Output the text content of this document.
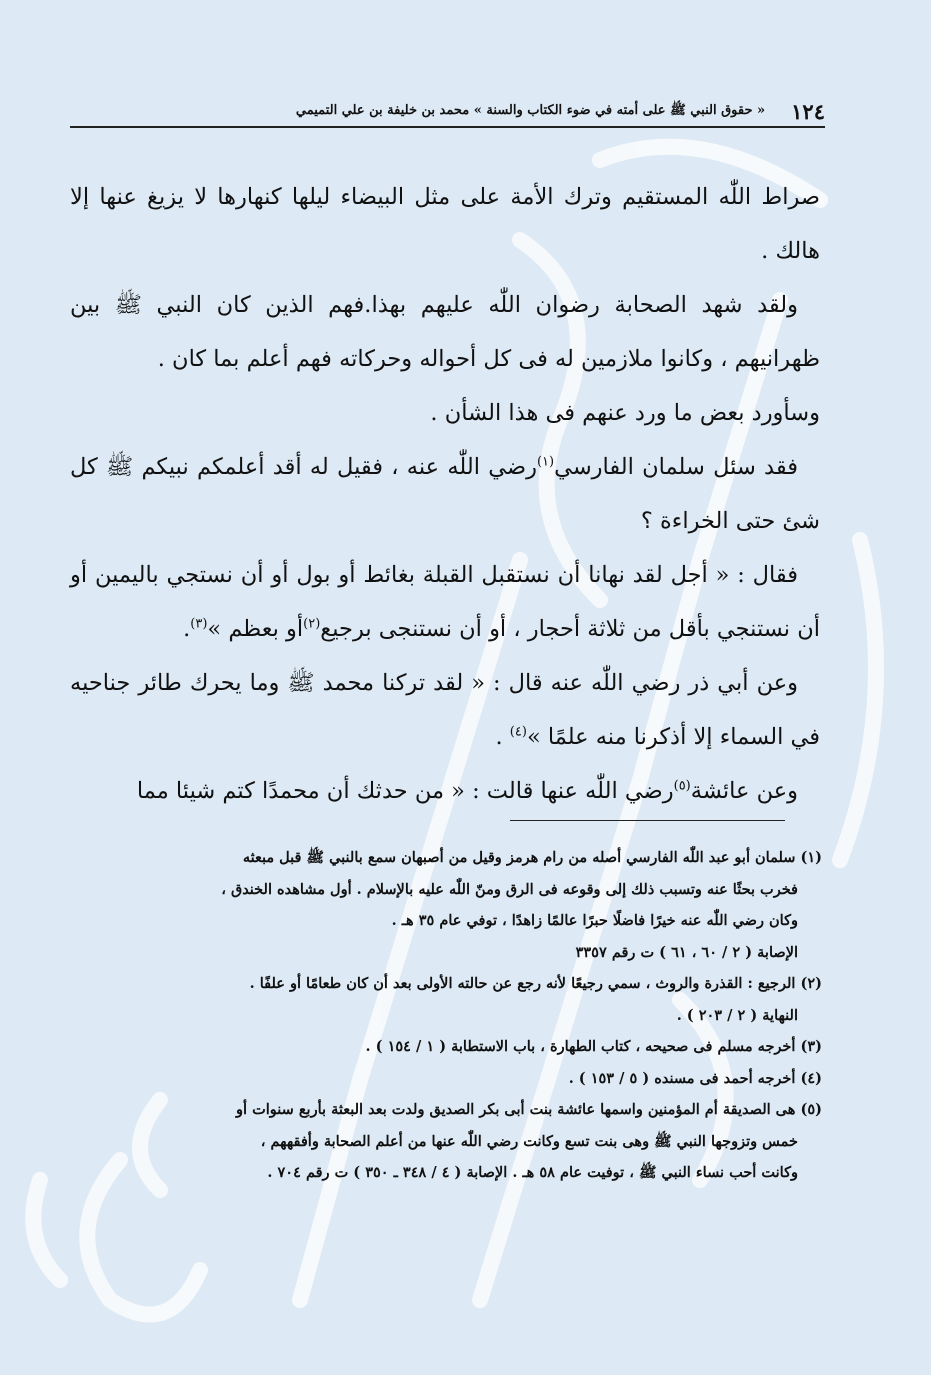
١٢٤
« حقوق النبي ﷺ على أمته في ضوء الكتاب والسنة » محمد بن خليفة بن علي التميمي

صراط اللّٰه المستقيم وترك الأمة على مثل البيضاء ليلها كنهارها لا يزيغ عنها إلا هالك .

ولقد شهد الصحابة رضوان اللّٰه عليهم بهذا.فهم الذين كان النبي ﷺ بين ظهرانيهم ، وكانوا ملازمين له فى كل أحواله وحركاته فهم أعلم بما كان .

وسأورد بعض ما ورد عنهم فى هذا الشأن .

فقد سئل سلمان الفارسي$^{(١)}$رضي اللّٰه عنه ، فقيل له أقد أعلمكم نبيكم ﷺ كل شئ حتى الخراءة ؟

فقال : « أجل لقد نهانا أن نستقبل القبلة بغائط أو بول أو أن نستجي باليمين أو أن نستنجي بأقل من ثلاثة أحجار ، أو أن نستنجى برجيع$^{(٢)}$أو بعظم »$^{(٣)}$.

وعن أبي ذر رضي اللّٰه عنه قال : « لقد تركنا محمد ﷺ وما يحرك طائر جناحيه في السماء إلا أذكرنا منه علمًا »$^{(٤)}$ .

وعن عائشة$^{(٥)}$رضي اللّٰه عنها قالت : « من حدثك أن محمدًا كتم شيئا مما

(١) سلمان أبو عبد اللّٰه الفارسي أصله من رام هرمز وقيل من أصبهان سمع بالنبي ﷺ قبل مبعثه

فخرب بحثًا عنه وتسبب ذلك إلى وقوعه فى الرق ومنّ اللّٰه عليه بالإسلام . أول مشاهده الخندق ،

وكان رضي اللّٰه عنه خيرًا فاضلًا حبرًا عالمًا زاهدًا ، توفي عام ٣٥ هـ .

الإصابة ( ٢ / ٦٠ ، ٦١ ) ت رقم ٣٣٥٧

(٢) الرجيع : القذرة والروث ، سمي رجيعًا لأنه رجع عن حالته الأولى بعد أن كان طعامًا أو علفًا .

النهاية ( ٢ / ٢٠٣ ) .

(٣) أخرجه مسلم فى صحيحه ، كتاب الطهارة ، باب الاستطابة ( ١ / ١٥٤ ) .

(٤) أخرجه أحمد فى مسنده ( ٥ / ١٥٣ ) .

(٥) هى الصديقة أم المؤمنين واسمها عائشة بنت أبى بكر الصديق ولدت بعد البعثة بأربع سنوات أو

خمس وتزوجها النبي ﷺ وهى بنت تسع وكانت رضي اللّٰه عنها من أعلم الصحابة وأفقههم ،

وكانت أحب نساء النبي ﷺ ، توفيت عام ٥٨ هـ . الإصابة ( ٤ / ٣٤٨ ـ ٣٥٠ ) ت رقم ٧٠٤ .
